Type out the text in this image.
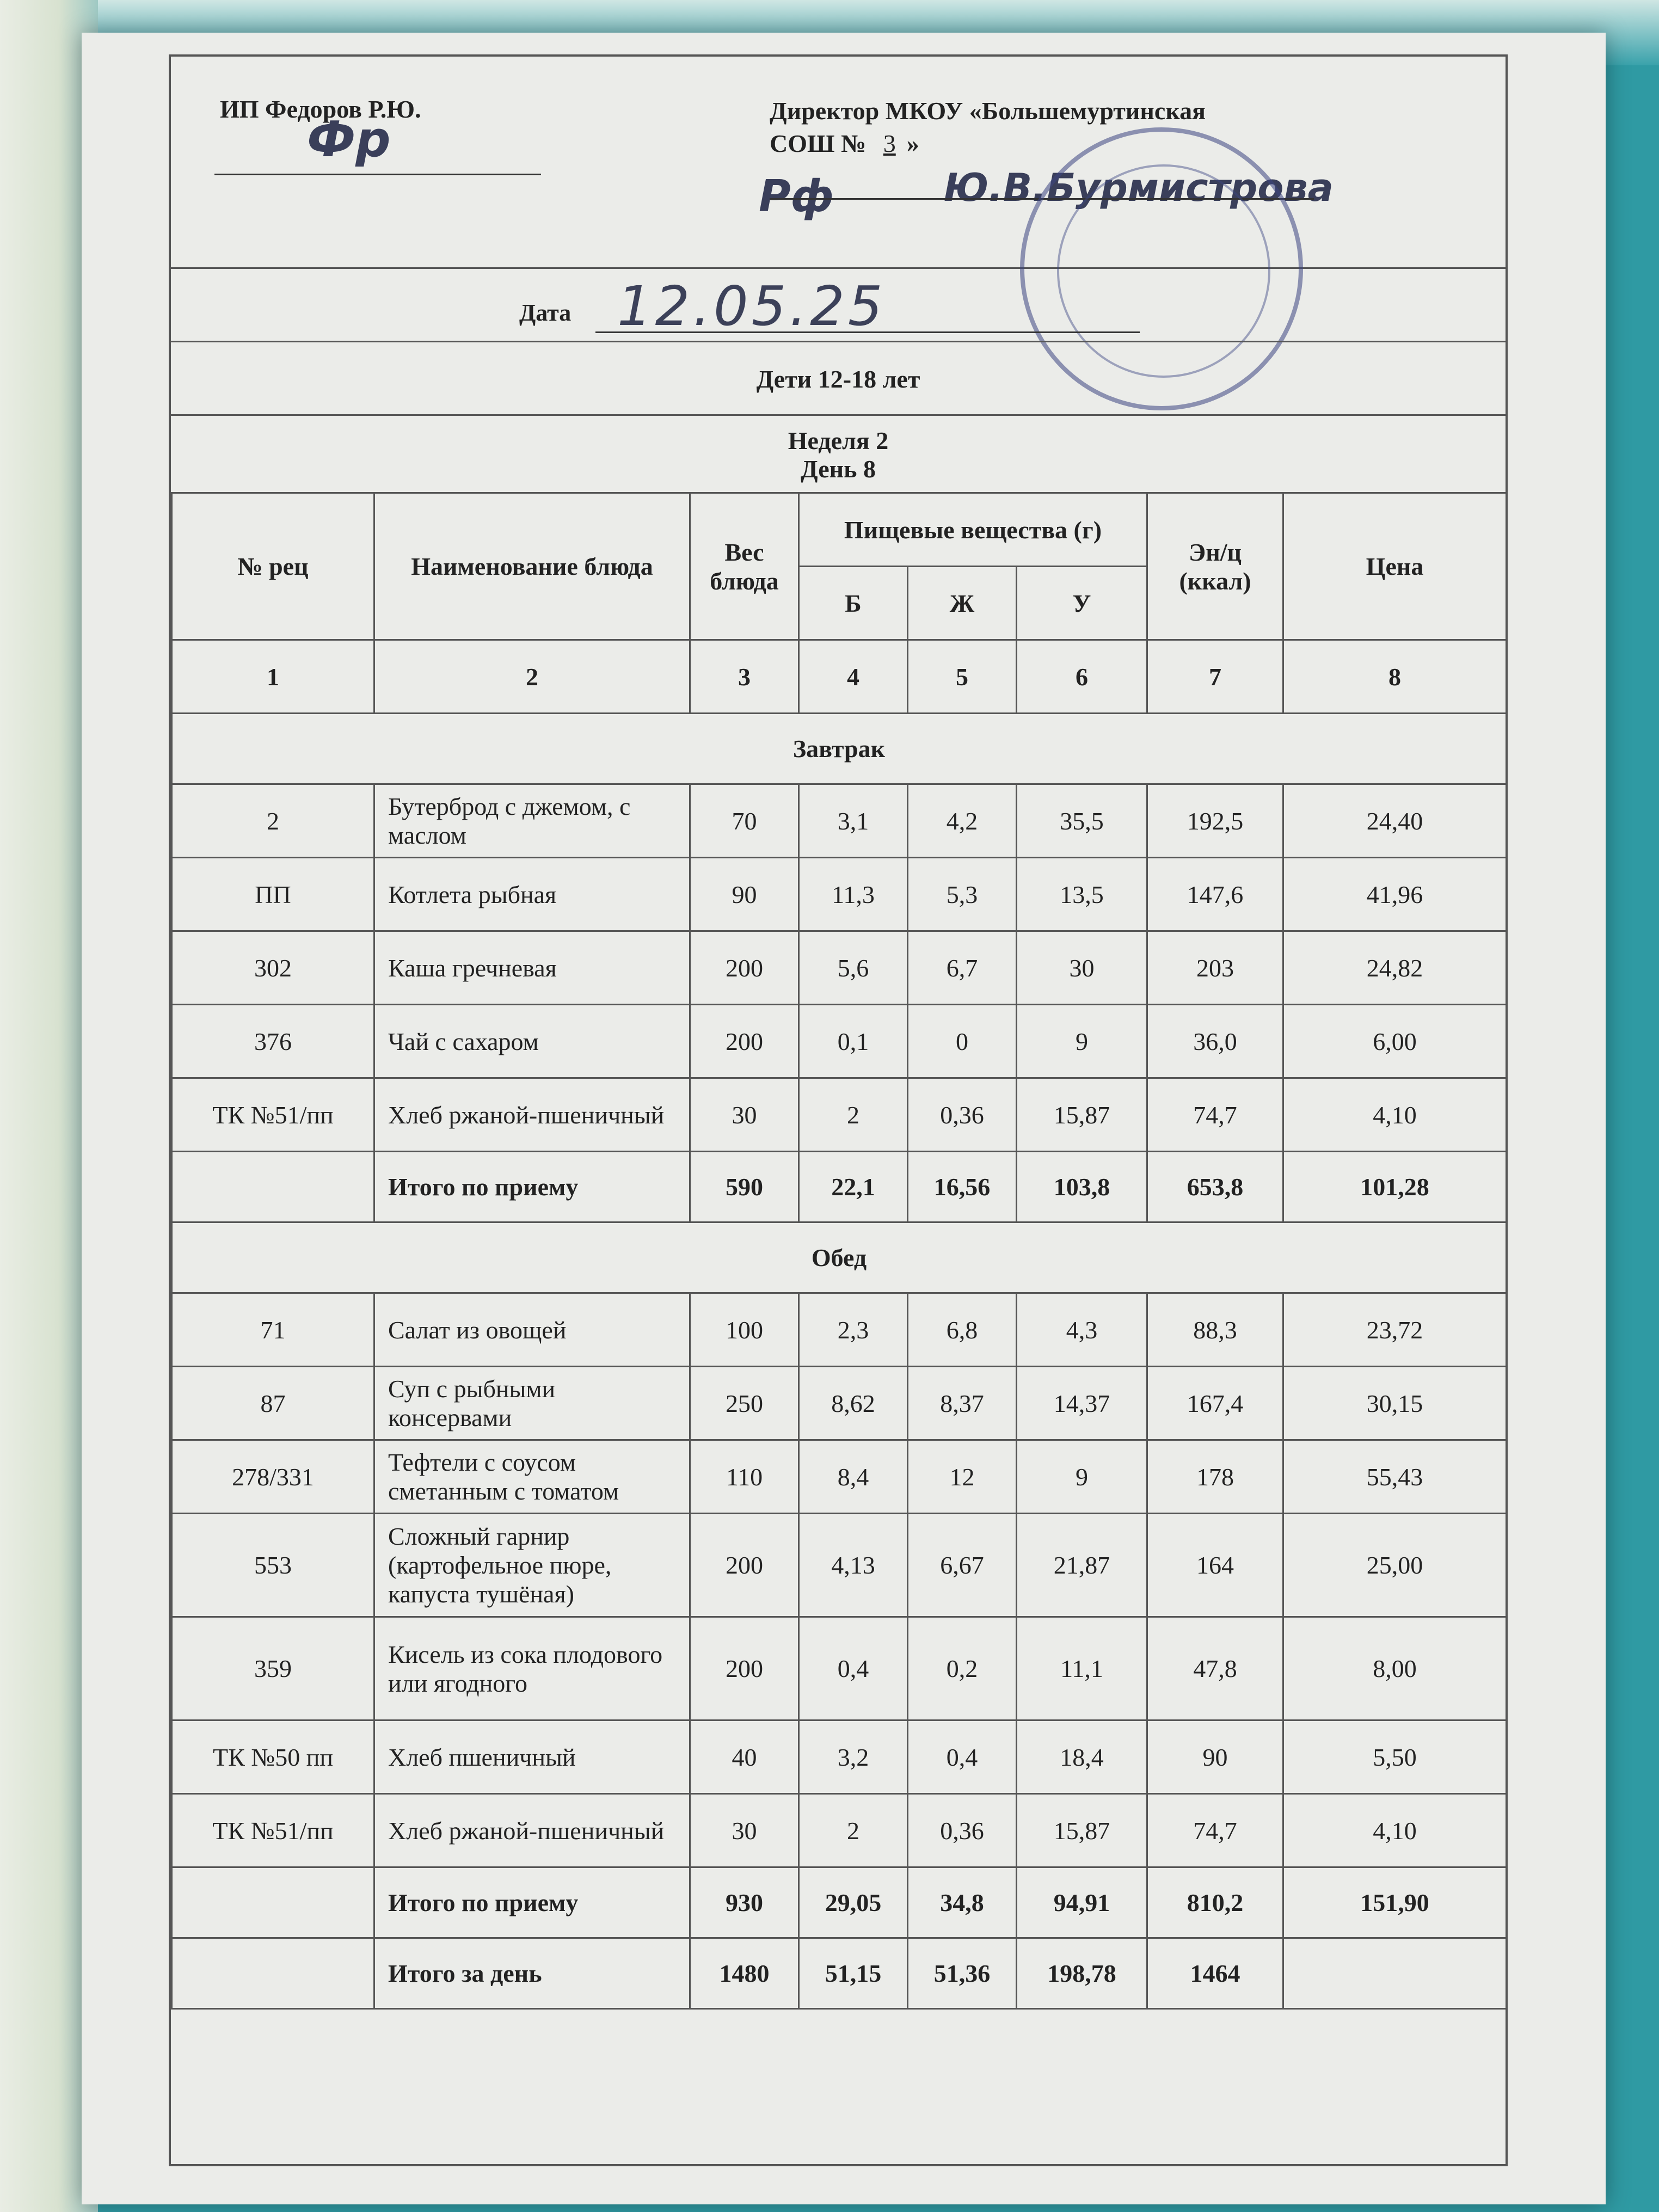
ИП Федоров Р.Ю.
Фр
Директор МКОУ «Большемуртинская
СОШ № 3 »
Рф	Ю.В.Бурмистрова
Дата 12.05.25
Дети 12-18 лет
Неделя 2
День 8
№ рец	Наименование блюда	Вес блюда	Пищевые вещества (г)			Эн/ц (ккал)	Цена
			Б	Ж	У		
1	2	3	4	5	6	7	8
Завтрак							
2	Бутерброд с джемом, с маслом	70	3,1	4,2	35,5	192,5	24,40
ПП	Котлета рыбная	90	11,3	5,3	13,5	147,6	41,96
302	Каша гречневая	200	5,6	6,7	30	203	24,82
376	Чай с сахаром	200	0,1	0	9	36,0	6,00
ТК №51/пп	Хлеб ржаной-пшеничный	30	2	0,36	15,87	74,7	4,10
	Итого по приему	590	22,1	16,56	103,8	653,8	101,28
Обед							
71	Салат из овощей	100	2,3	6,8	4,3	88,3	23,72
87	Суп с рыбными консервами	250	8,62	8,37	14,37	167,4	30,15
278/331	Тефтели с соусом сметанным с томатом	110	8,4	12	9	178	55,43
553	Сложный гарнир (картофельное пюре, капуста тушёная)	200	4,13	6,67	21,87	164	25,00
359	Кисель из сока плодового или ягодного	200	0,4	0,2	11,1	47,8	8,00
ТК №50 пп	Хлеб пшеничный	40	3,2	0,4	18,4	90	5,50
ТК №51/пп	Хлеб ржаной-пшеничный	30	2	0,36	15,87	74,7	4,10
	Итого по приему	930	29,05	34,8	94,91	810,2	151,90
	Итого за день	1480	51,15	51,36	198,78	1464	
